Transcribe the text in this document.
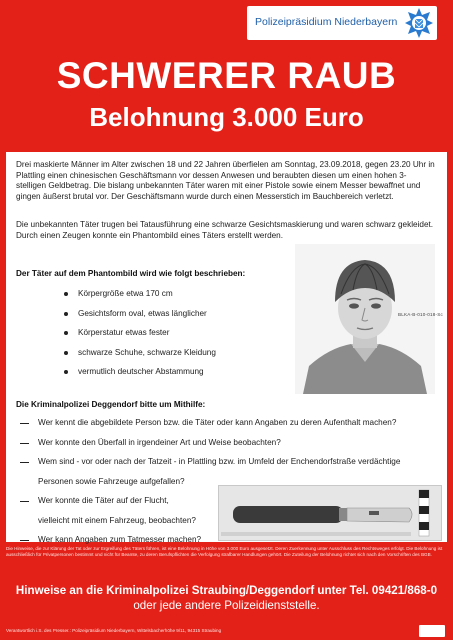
Polizeipräsidium Niederbayern
SCHWERER RAUB
Belohnung 3.000 Euro
Drei maskierte Männer im Alter zwischen 18 und 22 Jahren überfielen am Sonntag, 23.09.2018, gegen 23.20 Uhr in Plattling einen chinesischen Geschäftsmann vor dessen Anwesen und beraubten diesen um einen hohen 3-stelligen Geldbetrag. Die bislang unbekannten Täter waren mit einer Pistole sowie einem Messer bewaffnet und gingen äußerst brutal vor. Der Geschäftsmann wurde durch einen Messerstich im Bauchbereich verletzt.
Die unbekannten Täter trugen bei Tatausführung eine schwarze Gesichtsmaskierung und waren schwarz gekleidet. Durch einen Zeugen konnte ein Phantombild eines Täters erstellt werden.
Der Täter auf dem Phantombild wird wie folgt beschrieben:
Körpergröße etwa 170 cm
Gesichtsform oval, etwas länglicher
Körperstatur etwas fester
schwarze Schuhe, schwarze Kleidung
vermutlich deutscher Abstammung
BLKA-B-010-018-Sc
Die Kriminalpolizei Deggendorf bitte um Mithilfe:
Wer kennt die abgebildete Person bzw. die Täter oder kann Angaben zu deren Aufenthalt machen?
Wer konnte den Überfall in irgendeiner Art und Weise beobachten?
Wem sind - vor oder nach der Tatzeit - in Plattling bzw. im Umfeld der Enchendorfstraße verdächtige
Personen sowie Fahrzeuge aufgefallen?
Wer konnte die Täter auf der Flucht,
vielleicht mit einem Fahrzeug, beobachten?
Wer kann Angaben zum Tatmesser machen?
Die Hinweise, die zur Klärung der Tat oder zur Ergreifung des Täters führen, ist eine Belohnung in Höhe von 3.000 Euro ausgesetzt. Deren Zuerkennung unter Ausschluss des Rechtsweges erfolgt. Die Belohnung ist ausschließlich für Privatpersonen bestimmt und nicht für Beamte, zu deren Berufspflichten die Verfolgung strafbarer Handlungen gehört. Die Zuteilung der Belohnung richtet sich nach den Vorschriften des BGB.
Hinweise an die Kriminalpolizei Straubing/Deggendorf unter Tel. 09421/868-0
oder jede andere Polizeidienststelle.
Verantwortlich i.S. des Presser.: Polizeipräsidium Niederbayern, Wittelsbacherhöhe 9/11, 94315 Straubing
